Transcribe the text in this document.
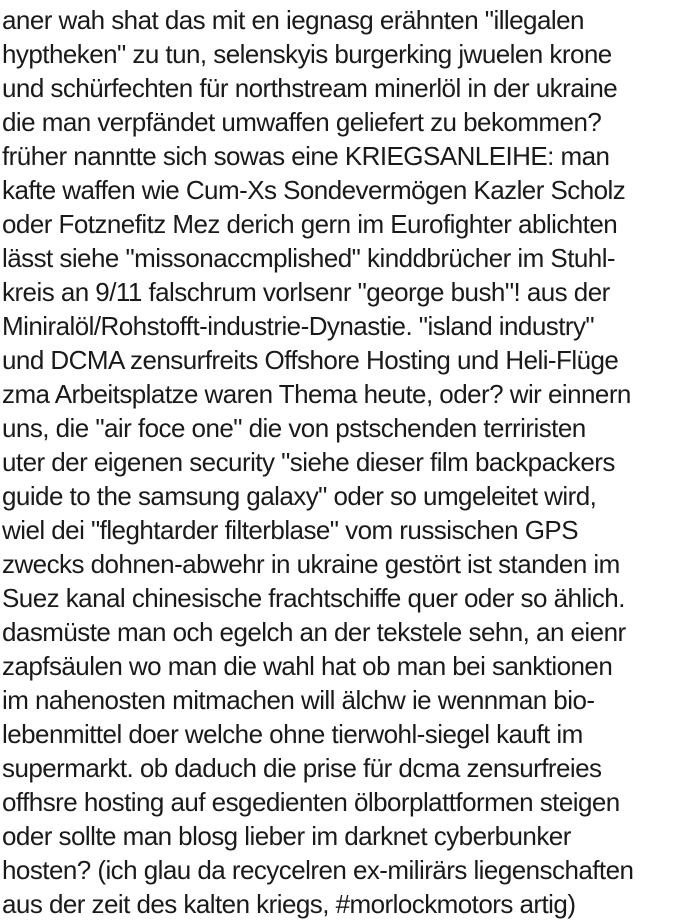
aner wah shat das mit en iegnasg erähnten "illegalen
hyptheken" zu tun, selenskyis burgerking jwuelen krone
und schürfechten für northstream minerlöl in der ukraine
die man verpfändet umwaffen geliefert zu bekommen?
früher nanntte sich sowas eine KRIEGSANLEIHE: man
kafte waffen wie Cum-Xs Sondevermögen Kazler Scholz
oder Fotznefitz Mez derich gern im Eurofighter ablichten
lässt siehe "missonaccmplished" kinddbrücher im Stuhl-
kreis an 9/11 falschrum vorlsenr "george bush"! aus der
Miniralöl/Rohstofft-industrie-Dynastie. "island industry"
und DCMA zensurfreits Offshore Hosting und Heli-Flüge
zma Arbeitsplatze waren Thema heute, oder? wir einnern
uns, die "air foce one" die von pstschenden terriristen
uter der eigenen security "siehe dieser film backpackers
guide to the samsung galaxy" oder so umgeleitet wird,
wiel dei "fleghtarder filterblase" vom russischen GPS
zwecks dohnen-abwehr in ukraine gestört ist standen im
Suez kanal chinesische frachtschiffe quer oder so ählich.
dasmüste man och egelch an der tekstele sehn, an eienr
zapfsäulen wo man die wahl hat ob man bei sanktionen
im nahenosten mitmachen will älchw ie wennman bio-
lebenmittel doer welche ohne tierwohl-siegel kauft im
supermarkt. ob daduch die prise für dcma zensurfreies
offhsre hosting auf esgedienten ölborplattformen steigen
oder sollte man blosg lieber im darknet cyberbunker
hosten? (ich glau da recycelren ex-milirärs liegenschaften
aus der zeit des kalten kriegs, #morlockmotors artig)
